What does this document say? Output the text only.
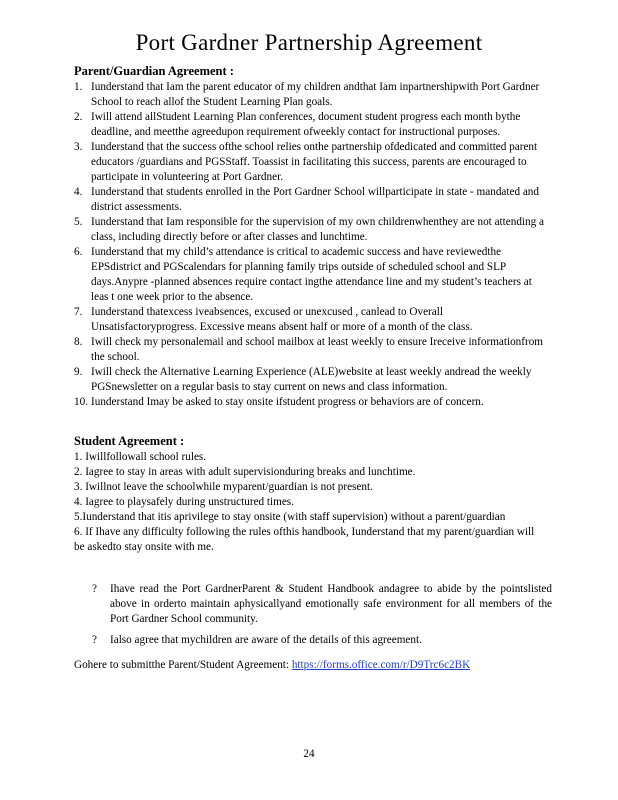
Port Gardner Partnership Agreement
Parent/Guardian Agreement :
1. Iunderstand that Iam the parent educator of my children andthat Iam inpartnershipwith Port Gardner School to reach allof the Student Learning Plan goals.
2. Iwill attend allStudent Learning Plan conferences, document student progress each month bythe deadline, and meetthe agreedupon requirement ofweekly contact for instructional purposes.
3. Iunderstand that the success ofthe school relies onthe partnership ofdedicated and committed parent educators /guardians and PGSStaff. Toassist in facilitating this success, parents are encouraged to participate in volunteering at Port Gardner.
4. Iunderstand that students enrolled in the Port Gardner School willparticipate in state - mandated and district assessments.
5. Iunderstand that Iam responsible for the supervision of my own childrenwhenthey are not attending a class, including directly before or after classes and lunchtime.
6. Iunderstand that my child’s attendance is critical to academic success and have reviewedthe EPSdistrict and PGScalendars for planning family trips outside of scheduled school and SLP days.Anypre -planned absences require contact ingthe attendance line and my student’s teachers at leas t one week prior to the absence.
7. Iunderstand thatexcess iveabsences, excused or unexcused , canlead to Overall Unsatisfactoryprogress. Excessive means absent half or more of a month of the class.
8. Iwill check my personalemail and school mailbox at least weekly to ensure Ireceive informationfrom the school.
9. Iwill check the Alternative Learning Experience (ALE)website at least weekly andread the weekly PGSnewsletter on a regular basis to stay current on news and class information.
10. Iunderstand Imay be asked to stay onsite ifstudent progress or behaviors are of concern.
Student Agreement :
1. Iwillfollowall school rules.
2. Iagree to stay in areas with adult supervisionduring breaks and lunchtime.
3. Iwillnot leave the schoolwhile myparent/guardian is not present.
4. Iagree to playsafely during unstructured times.
5.Iunderstand that itis aprivilege to stay onsite (with staff supervision) without a parent/guardian
6. If Ihave any difficulty following the rules ofthis handbook, Iunderstand that my parent/guardian will be askedto stay onsite with me.
?	Ihave read the Port GardnerParent & Student Handbook andagree to abide by the pointslisted above in orderto maintain aphysicallyand emotionally safe environment for all members of the Port Gardner School community.
?	Ialso agree that mychildren are aware of the details of this agreement.
Gohere to submitthe Parent/Student Agreement: https://forms.office.com/r/D9Trc6c2BK
24
